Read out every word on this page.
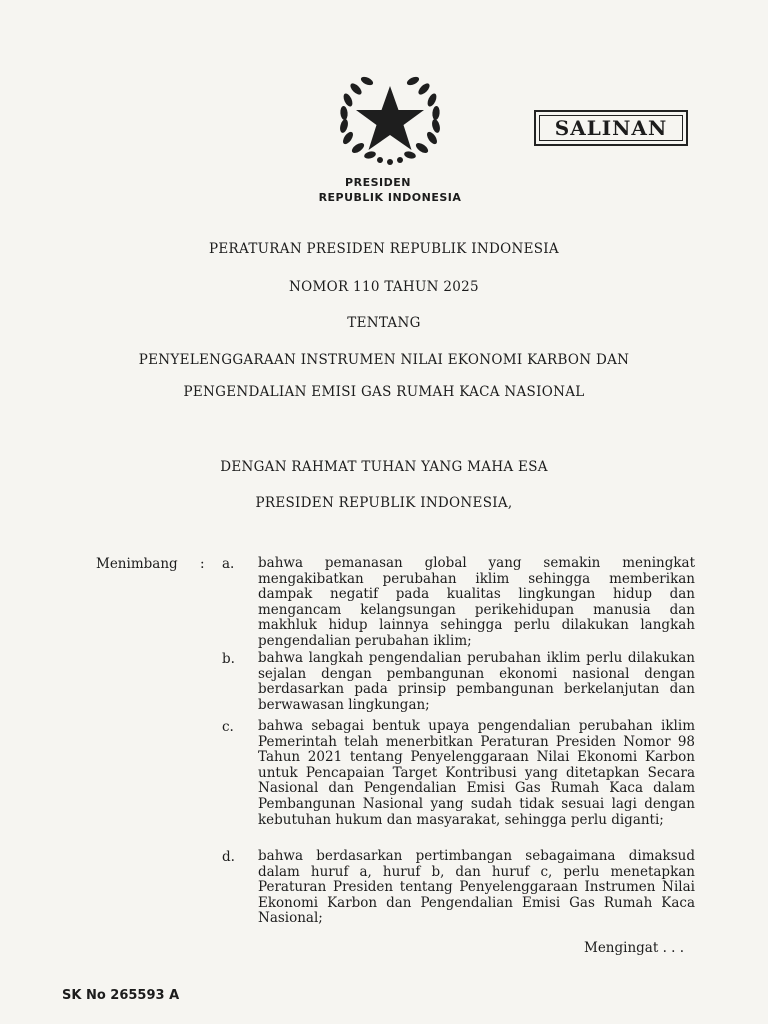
PRESIDEN
REPUBLIK INDONESIA
SALINAN
PERATURAN PRESIDEN REPUBLIK INDONESIA
NOMOR 110 TAHUN 2025
TENTANG
PENYELENGGARAAN INSTRUMEN NILAI EKONOMI KARBON DAN
PENGENDALIAN EMISI GAS RUMAH KACA NASIONAL
DENGAN RAHMAT TUHAN YANG MAHA ESA
PRESIDEN REPUBLIK INDONESIA,
Menimbang : a. bahwa pemanasan global yang semakin meningkat mengakibatkan perubahan iklim sehingga memberikan dampak negatif pada kualitas lingkungan hidup dan mengancam kelangsungan perikehidupan manusia dan makhluk hidup lainnya sehingga perlu dilakukan langkah pengendalian perubahan iklim;
b. bahwa langkah pengendalian perubahan iklim perlu dilakukan sejalan dengan pembangunan ekonomi nasional dengan berdasarkan pada prinsip pembangunan berkelanjutan dan berwawasan lingkungan;
c. bahwa sebagai bentuk upaya pengendalian perubahan iklim Pemerintah telah menerbitkan Peraturan Presiden Nomor 98 Tahun 2021 tentang Penyelenggaraan Nilai Ekonomi Karbon untuk Pencapaian Target Kontribusi yang ditetapkan Secara Nasional dan Pengendalian Emisi Gas Rumah Kaca dalam Pembangunan Nasional yang sudah tidak sesuai lagi dengan kebutuhan hukum dan masyarakat, sehingga perlu diganti;
d. bahwa berdasarkan pertimbangan sebagaimana dimaksud dalam huruf a, huruf b, dan huruf c, perlu menetapkan Peraturan Presiden tentang Penyelenggaraan Instrumen Nilai Ekonomi Karbon dan Pengendalian Emisi Gas Rumah Kaca Nasional;
Mengingat . . .
SK No 265593 A
